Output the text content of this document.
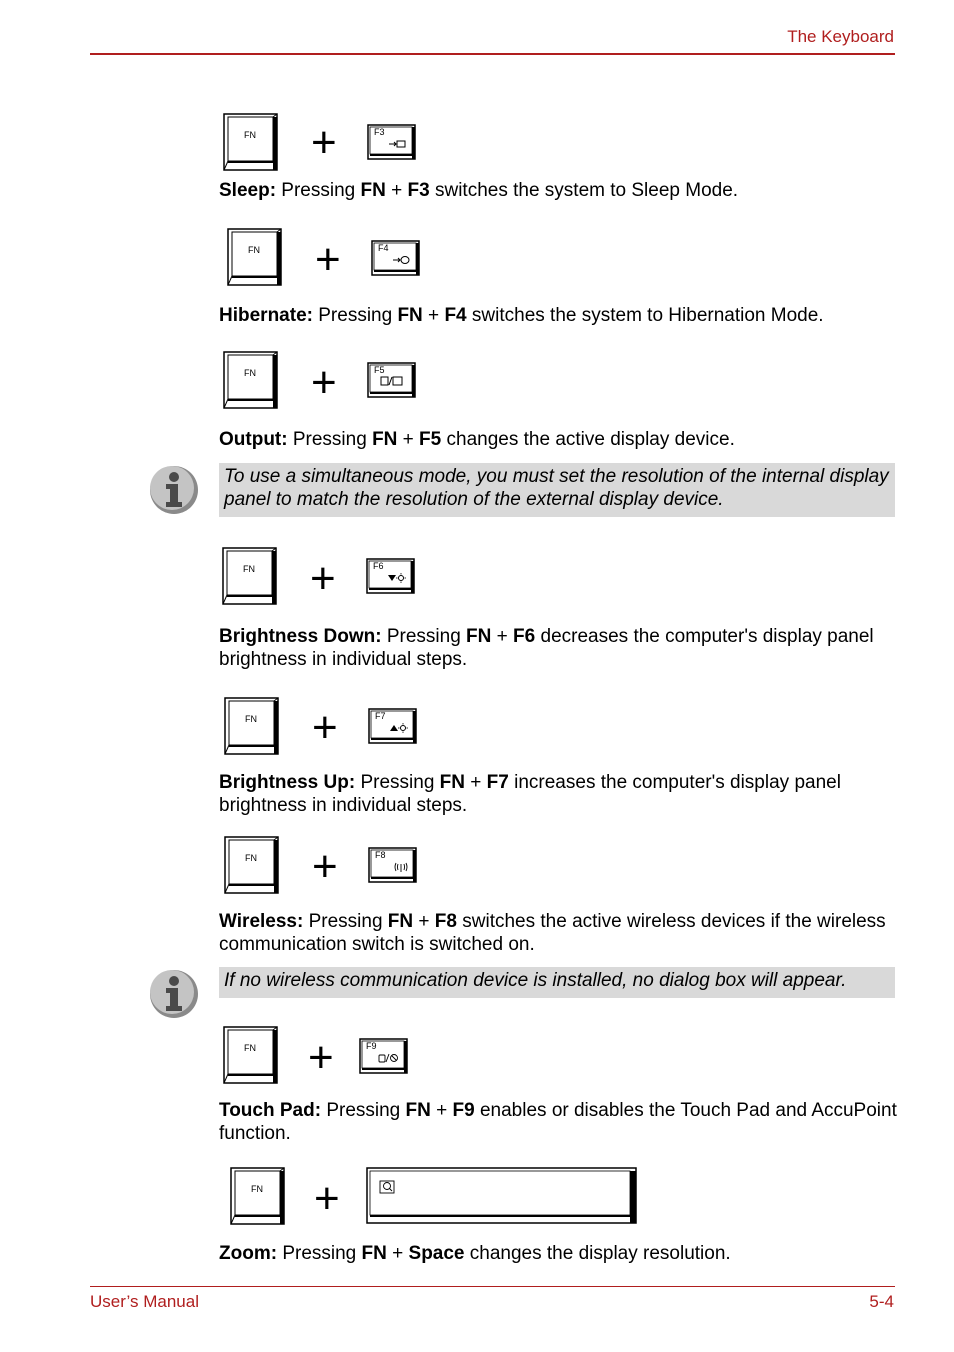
The Keyboard
FN +	F3
Sleep: Pressing FN + F3 switches the system to Sleep Mode.
FN +	F4
Hibernate: Pressing FN + F4 switches the system to Hibernation Mode.
FN +	F5
Output: Pressing FN + F5 changes the active display device.
To use a simultaneous mode, you must set the resolution of the internal display panel to match the resolution of the external display device.
FN +	F6
Brightness Down: Pressing FN + F6 decreases the computer's display panel brightness in individual steps.
FN +	F7
Brightness Up: Pressing FN + F7 increases the computer's display panel brightness in individual steps.
FN +	F8
Wireless: Pressing FN + F8 switches the active wireless devices if the wireless communication switch is switched on.
If no wireless communication device is installed, no dialog box will appear.
FN +	F9
Touch Pad: Pressing FN + F9 enables or disables the Touch Pad and AccuPoint function.
FN +
Zoom: Pressing FN + Space changes the display resolution.
User’s Manual	5-4
